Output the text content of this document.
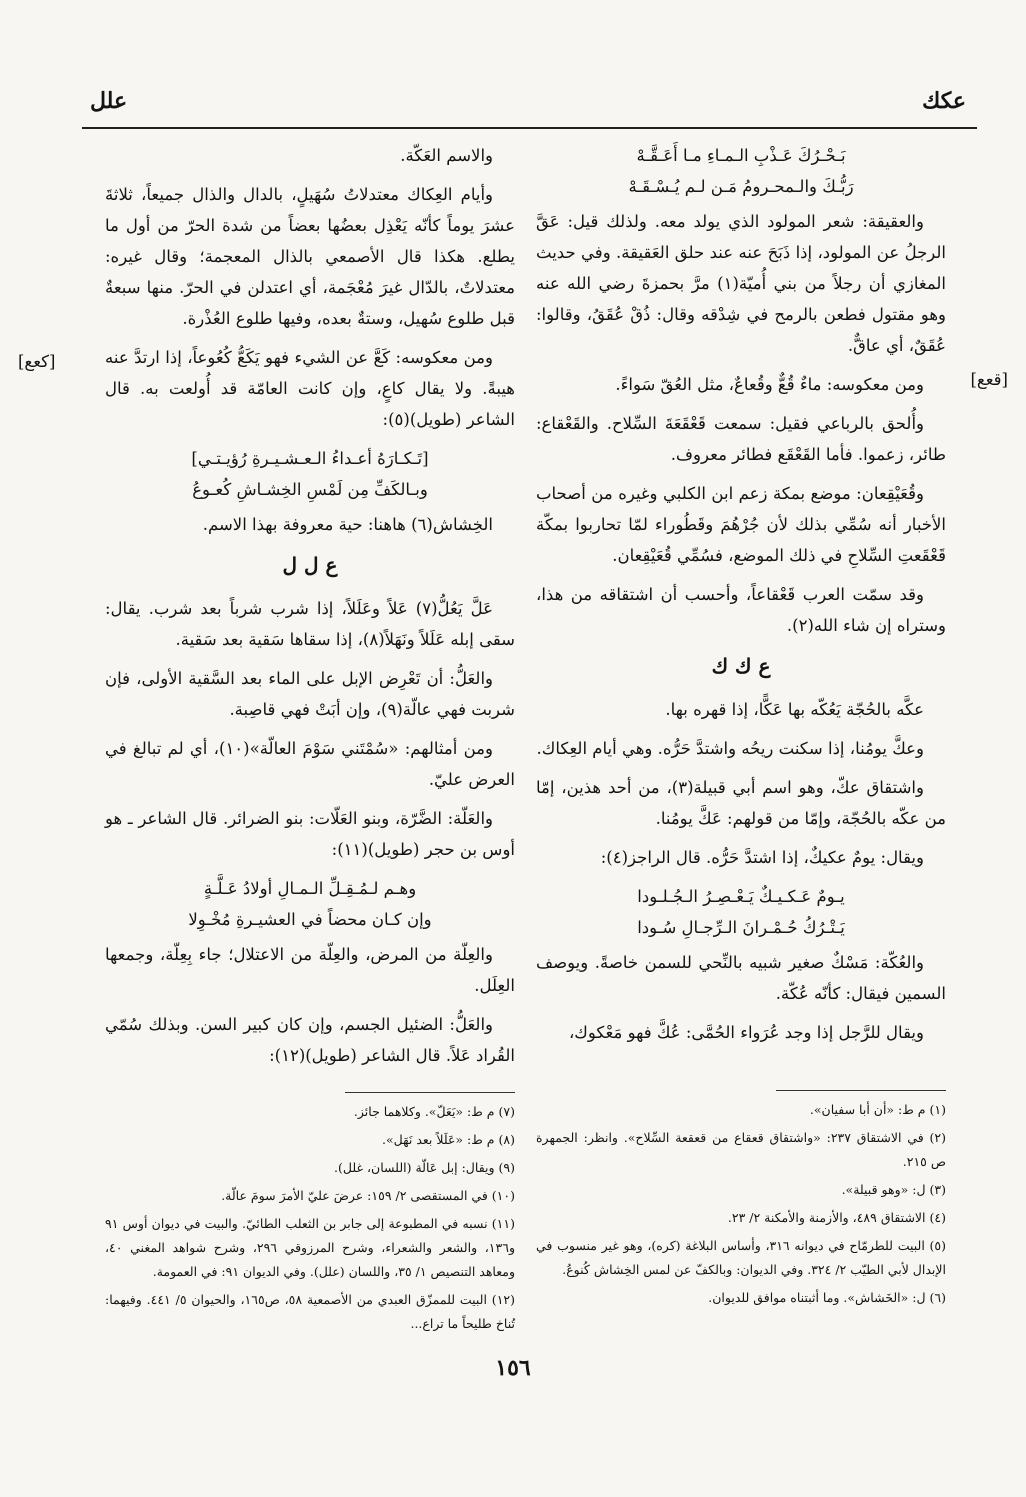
عكك
علل
بَـحْـرُكَ عَـذْبِ الـمـاءِ مـا أَعَـقَّـهْ
رَبُّـكَ والـمحـرومُ مَـن لـم يُـسْـقَـهْ

والعقيقة: شعر المولود الذي يولد معه. ولذلك قيل: عَقَّ الرجلُ عن المولود، إذا ذَبَحَ عنه عند حلق العَقيقة. وفي حديث المغازي أن رجلاً من بني أُميّة(١) مرَّ بحمزةَ رضي الله عنه وهو مقتول فطعن بالرمح في شِدْقه وقال: ذُقْ عُقَقُ، وقالوا: عُقَقٌ، أي عاقٌّ.

ومن معكوسه: ماءٌ قُعٌّ وقُعاعٌ، مثل العُقّ سَواءً.

وأُلحق بالرباعي فقيل: سمعت قَعْقَعَةَ السِّلاح. والقَعْقاع: طائر، زعموا. فأما القَعْقَع فطائر معروف.

وقُعَيْقِعان: موضع بمكة زعم ابن الكلبي وغيره من أصحاب الأخبار أنه سُمِّي بذلك لأن جُرْهُمَ وقَطُوراء لمّا تحاربوا بمكّة قَعْقَعتِ السِّلاحِ في ذلك الموضع، فسُمِّي قُعَيْقِعان.

وقد سمّت العرب قَعْقاعاً، وأحسب أن اشتقاقه من هذا، وستراه إن شاء الله(٢).

ع ك ك

عكَّه بالحُجّة يَعُكّه بها عَكًّا، إذا قهره بها.

وعكَّ يومُنا، إذا سكنت ريحُه واشتدَّ حَرُّه. وهي أيام العِكاك.

واشتقاق عكّ، وهو اسم أبي قبيلة(٣)، من أحد هذين، إمّا من عكّه بالحُجّة، وإمّا من قولهم: عَكَّ يومُنا.

ويقال: يومٌ عكيكٌ، إذا اشتدَّ حَرُّه. قال الراجز(٤):

يـومٌ عَـكـيـكٌ يَـعْـصِـرُ الـجُـلـودا
يَـتْـرُكُ حُـمْـرانَ الـرِّجـالِ سُـودا

والعُكّة: مَسْكٌ صغير شبيه بالنِّحي للسمن خاصةً. ويوصف السمين فيقال: كأنّه عُكّة.

ويقال للرَّجل إذا وجد عُرَواء الحُمَّى: عُكَّ فهو مَعْكوك،

[قعع]

والاسم العَكّة.

وأيام العِكاك معتدلاتُ سُهَيلٍ، بالدال والذال جميعاً، ثلاثةَ عشرَ يوماً كأنّه يَعْذِل بعضُها بعضاً من شدة الحرّ من أول ما يطلع. هكذا قال الأصمعي بالذال المعجمة؛ وقال غيره: معتدلاتٌ، بالدّال غيرَ مُعْجَمة، أي اعتدلن في الحرّ. منها سبعةٌ قبل طلوع سُهيل، وستةٌ بعده، وفيها طلوع العُذْرة.

ومن معكوسه: كَعَّ عن الشيء فهو يَكَعُّ كُعُوعاً، إذا ارتدَّ عنه هيبةً. ولا يقال كاعٍ، وإن كانت العامّة قد أُولعت به. قال الشاعر (طويل)(٥):

[تَـكـارَهُ أعـداءُ الـعـشـيـرةِ رُؤيـتـي]
وبـالكَفِّ مِن لَمْسِ الخِشـاشِ كُعـوعُ

الخِشاش(٦) هاهنا: حية معروفة بهذا الاسم.

ع ل ل

عَلَّ يَعُلُّ(٧) عَلاً وعَلَلاً، إذا شرب شرباً بعد شرب. يقال: سقى إبله عَلَلاً ونَهَلاً(٨)، إذا سقاها سَقية بعد سَقية.

والعَلُّ: أن تَعْرِض الإبل على الماء بعد السَّقية الأولى، فإن شربت فهي عالّة(٩)، وإن أبَتْ فهي قاصِبة.

ومن أمثالهم: «سُمْتَني سَوْمَ العالّة»(١٠)، أي لم تبالغ في العرض عليّ.

والعَلّة: الضَّرّة، وبنو العَلّات: بنو الضرائر. قال الشاعر ـ هو أوس بن حجر (طويل)(١١):

وهـم لـمُـقِـلِّ الـمـالِ أولادُ عَـلَّـةٍ
وإن كـان محضاً في العشيـرةِ مُخْـوِلا

والعِلّة من المرض، والعِلّة من الاعتلال؛ جاء بِعِلّة، وجمعها العِلَل.

والعَلُّ: الضئيل الجسم، وإن كان كبير السن. وبذلك سُمّي القُراد عَلاً. قال الشاعر (طويل)(١٢):

[كعع]
(١) م ط: «أن أبا سفيان».
(٢) في الاشتقاق ٢٣٧: «واشتقاق قعقاع من قعقعة السِّلاح». وانظر: الجمهرة ص ٢١٥.
(٣) ل: «وهو قبيلة».
(٤) الاشتقاق ٤٨٩، والأزمنة والأمكنة ٢/ ٢٣.
(٥) البيت للطرمّاح في ديوانه ٣١٦، وأساس البلاغة (كره)، وهو غير منسوب في الإبدال لأبي الطيّب ٢/ ٣٢٤. وفي الديوان: وبالكفّ عن لمس الخِشاش كُنوعُ.
(٦) ل: «الخَشاش». وما أثبتناه موافق للديوان.
(٧) م ط: «يَعَلّ». وكلاهما جائز.
(٨) م ط: «عَلَلاً بعد نَهَل».
(٩) ويقال: إبل عَالّة (اللسان، غلل).
(١٠) في المستقصى ٢/ ١٥٩: عرضَ عليّ الأمرَ سومَ عالّة.
(١١) نسبه في المطبوعة إلى جابر بن الثعلب الطائيّ. والبيت في ديوان أوس ٩١ و١٣٦، والشعر والشعراء، وشرح المرزوقي ٢٩٦، وشرح شواهد المغني ٤٠، ومعاهد التنصيص ١/ ٣٥، واللسان (علل). وفي الديوان ٩١: في العمومة.
(١٢) البيت للممزّق العبدي من الأصمعية ٥٨، ص١٦٥، والحيوان ٥/ ٤٤١. وفيهما: تُناخ طليحاً ما تراع...
١٥٦
